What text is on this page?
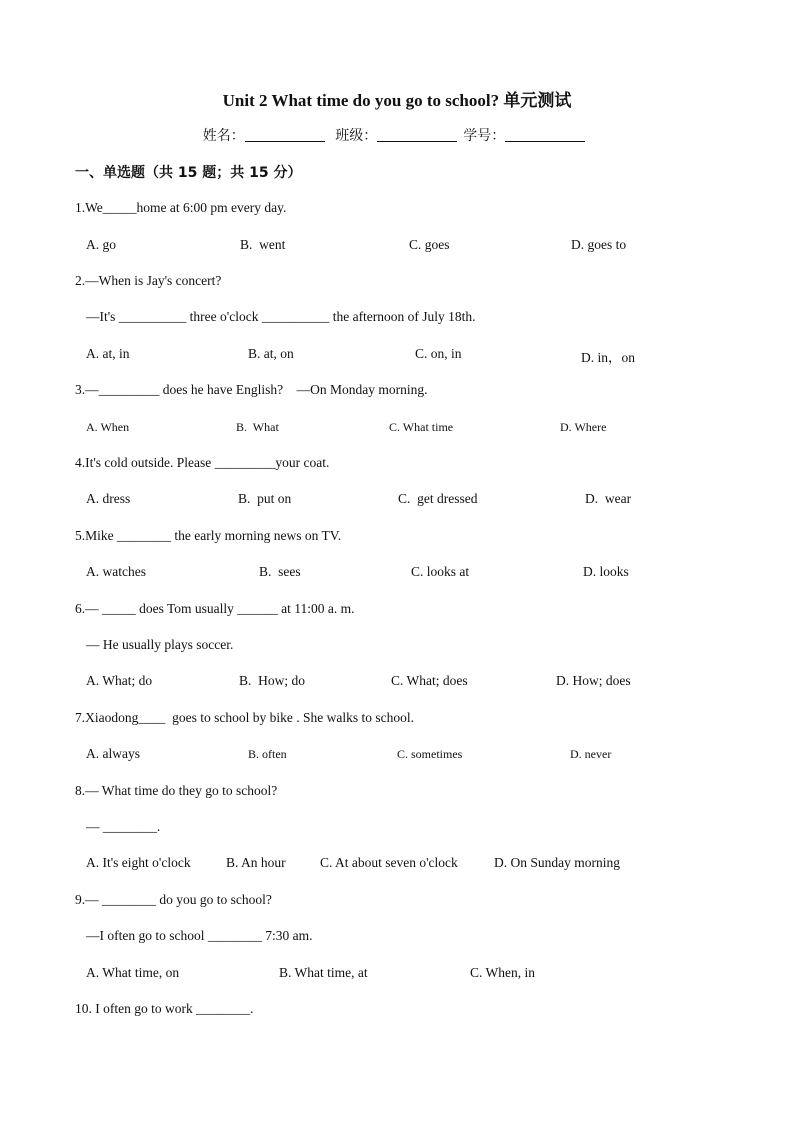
Unit 2 What time do you go to school? 单元测试
姓名：	班级：	学号：
一、单选题（共 15 题；共 15 分）
1.We_____home at 6:00 pm every day.
A. go	B.  went	C. goes	D. goes to
2.—When is Jay's concert?
—It's __________ three o'clock __________ the afternoon of July 18th.
A. at, in	B. at, on	C. on, in	D. in，on
3.—_________ does he have English?    —On Monday morning.
A. When	B.  What	C. What time	D. Where
4.It's cold outside. Please _________your coat.
A. dress	B.  put on	C.  get dressed	D.  wear
5.Mike ________ the early morning news on TV.
A. watches	B.  sees	C. looks at	D. looks
6.— _____ does Tom usually ______ at 11:00 a. m.
— He usually plays soccer.
A. What; do	B.  How; do	C. What; does	D. How; does
7.Xiaodong____  goes to school by bike . She walks to school.
A. always	B. often	C. sometimes	D. never
8.— What time do they go to school?
— ________.
A. It's eight o'clock	B. An hour	C. At about seven o'clock	D. On Sunday morning
9.— ________ do you go to school?
—I often go to school ________ 7:30 am.
A. What time, on	B. What time, at	C. When, in
10. I often go to work ________.
